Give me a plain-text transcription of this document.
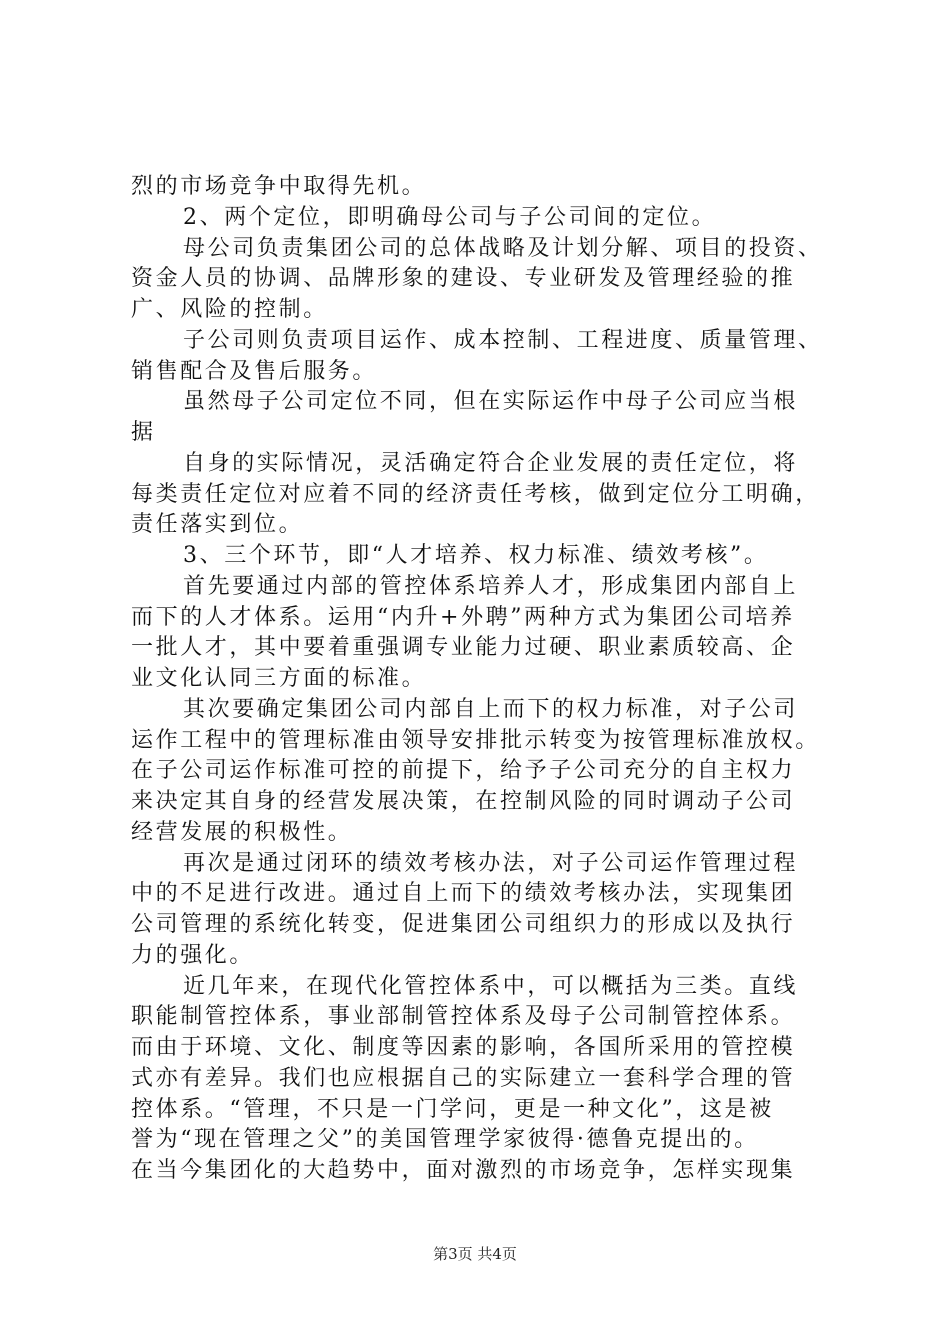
烈的市场竞争中取得先机。
2、两个定位，即明确母公司与子公司间的定位。
母公司负责集团公司的总体战略及计划分解、项目的投资、
资金人员的协调、品牌形象的建设、专业研发及管理经验的推
广、风险的控制。
子公司则负责项目运作、成本控制、工程进度、质量管理、
销售配合及售后服务。
虽然母子公司定位不同，但在实际运作中母子公司应当根
据
自身的实际情况，灵活确定符合企业发展的责任定位，将
每类责任定位对应着不同的经济责任考核，做到定位分工明确，
责任落实到位。
3、三个环节，即“人才培养、权力标准、绩效考核”。
首先要通过内部的管控体系培养人才，形成集团内部自上
而下的人才体系。运用“内升+外聘”两种方式为集团公司培养
一批人才，其中要着重强调专业能力过硬、职业素质较高、企
业文化认同三方面的标准。
其次要确定集团公司内部自上而下的权力标准，对子公司
运作工程中的管理标准由领导安排批示转变为按管理标准放权。
在子公司运作标准可控的前提下，给予子公司充分的自主权力
来决定其自身的经营发展决策，在控制风险的同时调动子公司
经营发展的积极性。
再次是通过闭环的绩效考核办法，对子公司运作管理过程
中的不足进行改进。通过自上而下的绩效考核办法，实现集团
公司管理的系统化转变，促进集团公司组织力的形成以及执行
力的强化。
近几年来，在现代化管控体系中，可以概括为三类。直线
职能制管控体系，事业部制管控体系及母子公司制管控体系。
而由于环境、文化、制度等因素的影响，各国所采用的管控模
式亦有差异。我们也应根据自己的实际建立一套科学合理的管
控体系。“管理，不只是一门学问，更是一种文化”，这是被
誉为“现在管理之父”的美国管理学家彼得·德鲁克提出的。
在当今集团化的大趋势中，面对激烈的市场竞争，怎样实现集
第3页 共4页
